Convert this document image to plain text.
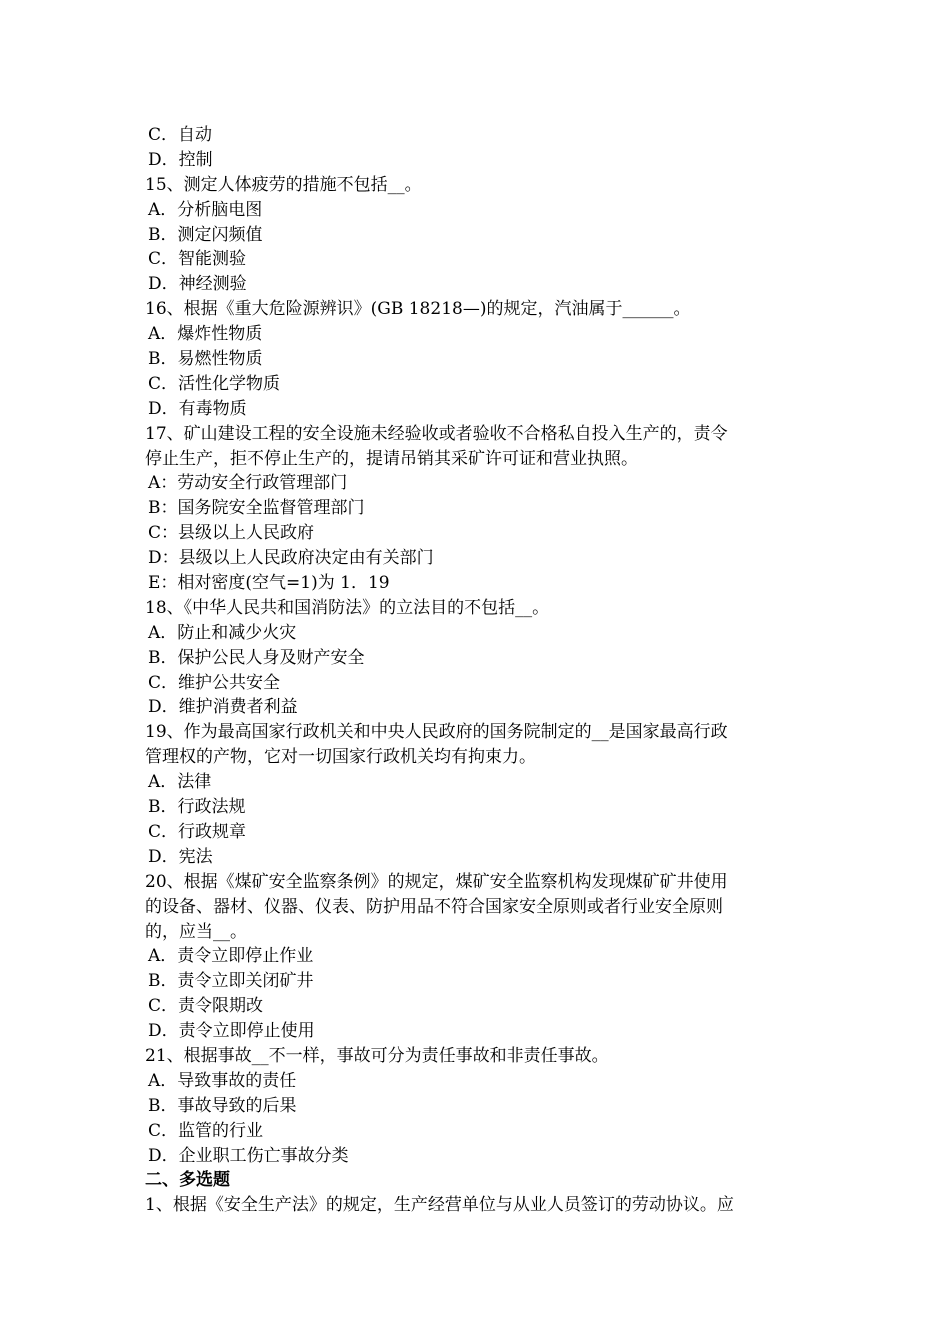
C．自动
D．控制
15、测定人体疲劳的措施不包括__。
A．分析脑电图
B．测定闪频值
C．智能测验
D．神经测验
16、根据《重大危险源辨识》(GB 18218—)的规定，汽油属于______。
A．爆炸性物质
B．易燃性物质
C．活性化学物质
D．有毒物质
17、矿山建设工程的安全设施未经验收或者验收不合格私自投入生产的，责令
停止生产，拒不停止生产的，提请吊销其采矿许可证和营业执照。
A：劳动安全行政管理部门
B：国务院安全监督管理部门
C：县级以上人民政府
D：县级以上人民政府决定由有关部门
E：相对密度(空气=1)为 1．19
18、《中华人民共和国消防法》的立法目的不包括__。
A．防止和减少火灾
B．保护公民人身及财产安全
C．维护公共安全
D．维护消费者利益
19、作为最高国家行政机关和中央人民政府的国务院制定的__是国家最高行政
管理权的产物，它对一切国家行政机关均有拘束力。
A．法律
B．行政法规
C．行政规章
D．宪法
20、根据《煤矿安全监察条例》的规定，煤矿安全监察机构发现煤矿矿井使用
的设备、器材、仪器、仪表、防护用品不符合国家安全原则或者行业安全原则
的，应当__。
A．责令立即停止作业
B．责令立即关闭矿井
C．责令限期改
D．责令立即停止使用
21、根据事故__不一样，事故可分为责任事故和非责任事故。
A．导致事故的责任
B．事故导致的后果
C．监管的行业
D．企业职工伤亡事故分类
二、多选题
1、根据《安全生产法》的规定，生产经营单位与从业人员签订的劳动协议。应
